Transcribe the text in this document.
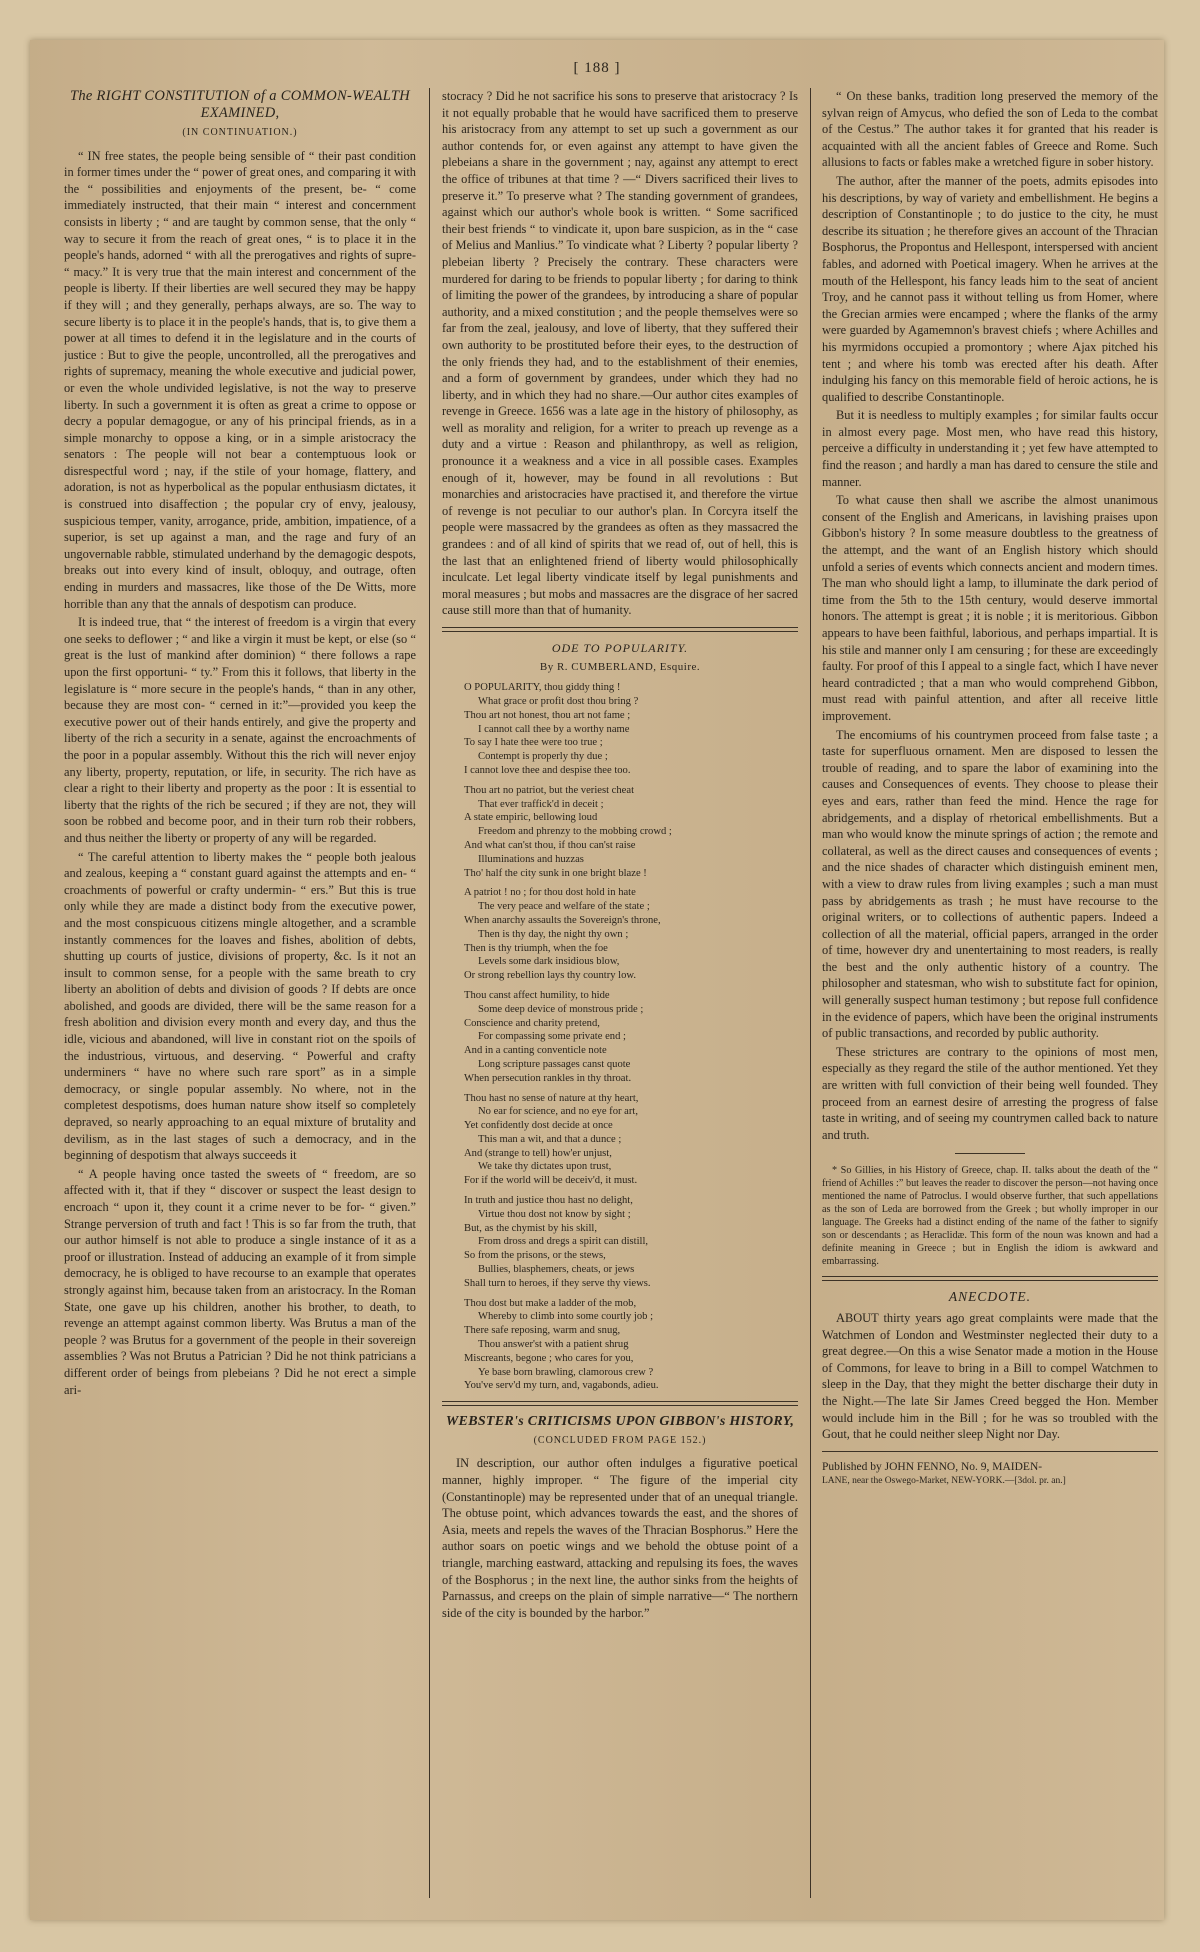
[ 188 ]
The RIGHT CONSTITUTION of a COMMON-WEALTH EXAMINED,
(IN CONTINUATION.)

“ IN free states, the people being sensible of “ their past condition in former times under the “ power of great ones, and comparing it with the “ possibilities and enjoyments of the present, be- “ come immediately instructed, that their main “ interest and concernment consists in liberty ; “ and are taught by common sense, that the only “ way to secure it from the reach of great ones, “ is to place it in the people's hands, adorned “ with all the prerogatives and rights of supre- “ macy.” It is very true that the main interest and concernment of the people is liberty. If their liberties are well secured they may be happy if they will ; and they generally, perhaps always, are so. The way to secure liberty is to place it in the people's hands, that is, to give them a power at all times to defend it in the legislature and in the courts of justice : But to give the people, uncontrolled, all the prerogatives and rights of supremacy, meaning the whole executive and judicial power, or even the whole undivided legislative, is not the way to preserve liberty. In such a government it is often as great a crime to oppose or decry a popular demagogue, or any of his principal friends, as in a simple monarchy to oppose a king, or in a simple aristocracy the senators : The people will not bear a contemptuous look or disrespectful word ; nay, if the stile of your homage, flattery, and adoration, is not as hyperbolical as the popular enthusiasm dictates, it is construed into disaffection ; the popular cry of envy, jealousy, suspicious temper, vanity, arrogance, pride, ambition, impatience, of a superior, is set up against a man, and the rage and fury of an ungovernable rabble, stimulated underhand by the demagogic despots, breaks out into every kind of insult, obloquy, and outrage, often ending in murders and massacres, like those of the De Witts, more horrible than any that the annals of despotism can produce.

It is indeed true, that “ the interest of freedom is a virgin that every one seeks to deflower ; “ and like a virgin it must be kept, or else (so “ great is the lust of mankind after dominion) “ there follows a rape upon the first opportuni- “ ty.” From this it follows, that liberty in the legislature is “ more secure in the people's hands, “ than in any other, because they are most con- “ cerned in it:”—provided you keep the executive power out of their hands entirely, and give the property and liberty of the rich a security in a senate, against the encroachments of the poor in a popular assembly. Without this the rich will never enjoy any liberty, property, reputation, or life, in security. The rich have as clear a right to their liberty and property as the poor : It is essential to liberty that the rights of the rich be secured ; if they are not, they will soon be robbed and become poor, and in their turn rob their robbers, and thus neither the liberty or property of any will be regarded.

“ The careful attention to liberty makes the “ people both jealous and zealous, keeping a “ constant guard against the attempts and en- “ croachments of powerful or crafty undermin- “ ers.” But this is true only while they are made a distinct body from the executive power, and the most conspicuous citizens mingle altogether, and a scramble instantly commences for the loaves and fishes, abolition of debts, shutting up courts of justice, divisions of property, &c. Is it not an insult to common sense, for a people with the same breath to cry liberty an abolition of debts and division of goods ? If debts are once abolished, and goods are divided, there will be the same reason for a fresh abolition and division every month and every day, and thus the idle, vicious and abandoned, will live in constant riot on the spoils of the industrious, virtuous, and deserving. “ Powerful and crafty underminers “ have no where such rare sport” as in a simple democracy, or single popular assembly. No where, not in the completest despotisms, does human nature show itself so completely depraved, so nearly approaching to an equal mixture of brutality and devilism, as in the last stages of such a democracy, and in the beginning of despotism that always succeeds it

“ A people having once tasted the sweets of “ freedom, are so affected with it, that if they “ discover or suspect the least design to encroach “ upon it, they count it a crime never to be for- “ given.” Strange perversion of truth and fact ! This is so far from the truth, that our author himself is not able to produce a single instance of it as a proof or illustration. Instead of adducing an example of it from simple democracy, he is obliged to have recourse to an example that operates strongly against him, because taken from an aristocracy. In the Roman State, one gave up his children, another his brother, to death, to revenge an attempt against common liberty. Was Brutus a man of the people ? was Brutus for a government of the people in their sovereign assemblies ? Was not Brutus a Patrician ? Did he not think patricians a different order of beings from plebeians ? Did he not erect a simple ari-

stocracy ? Did he not sacrifice his sons to preserve that aristocracy ? Is it not equally probable that he would have sacrificed them to preserve his aristocracy from any attempt to set up such a government as our author contends for, or even against any attempt to have given the plebeians a share in the government ; nay, against any attempt to erect the office of tribunes at that time ? —“ Divers sacrificed their lives to preserve it.” To preserve what ? The standing government of grandees, against which our author's whole book is written. “ Some sacrificed their best friends “ to vindicate it, upon bare suspicion, as in the “ case of Melius and Manlius.” To vindicate what ? Liberty ? popular liberty ? plebeian liberty ? Precisely the contrary. These characters were murdered for daring to be friends to popular liberty ; for daring to think of limiting the power of the grandees, by introducing a share of popular authority, and a mixed constitution ; and the people themselves were so far from the zeal, jealousy, and love of liberty, that they suffered their own authority to be prostituted before their eyes, to the destruction of the only friends they had, and to the establishment of their enemies, and a form of government by grandees, under which they had no liberty, and in which they had no share.—Our author cites examples of revenge in Greece. 1656 was a late age in the history of philosophy, as well as morality and religion, for a writer to preach up revenge as a duty and a virtue : Reason and philanthropy, as well as religion, pronounce it a weakness and a vice in all possible cases. Examples enough of it, however, may be found in all revolutions : But monarchies and aristocracies have practised it, and therefore the virtue of revenge is not peculiar to our author's plan. In Corcyra itself the people were massacred by the grandees as often as they massacred the grandees : and of all kind of spirits that we read of, out of hell, this is the last that an enlightened friend of liberty would philosophically inculcate. Let legal liberty vindicate itself by legal punishments and moral measures ; but mobs and massacres are the disgrace of her sacred cause still more than that of humanity.

ODE TO POPULARITY.
By R. CUMBERLAND, Esquire.
O POPULARITY, thou giddy thing !
What grace or profit dost thou bring ?
Thou art not honest, thou art not fame ;
I cannot call thee by a worthy name
To say I hate thee were too true ;
Contempt is properly thy due ;
I cannot love thee and despise thee too.
Thou art no patriot, but the veriest cheat
That ever traffick'd in deceit ;
A state empiric, bellowing loud
Freedom and phrenzy to the mobbing crowd ;
And what can'st thou, if thou can'st raise
Illuminations and huzzas
Tho' half the city sunk in one bright blaze !
A patriot ! no ; for thou dost hold in hate
The very peace and welfare of the state ;
When anarchy assaults the Sovereign's throne,
Then is thy day, the night thy own ;
Then is thy triumph, when the foe
Levels some dark insidious blow,
Or strong rebellion lays thy country low.
Thou canst affect humility, to hide
Some deep device of monstrous pride ;
Conscience and charity pretend,
For compassing some private end ;
And in a canting conventicle note
Long scripture passages canst quote
When persecution rankles in thy throat.
Thou hast no sense of nature at thy heart,
No ear for science, and no eye for art,
Yet confidently dost decide at once
This man a wit, and that a dunce ;
And (strange to tell) how'er unjust,
We take thy dictates upon trust,
For if the world will be deceiv'd, it must.
In truth and justice thou hast no delight,
Virtue thou dost not know by sight ;
But, as the chymist by his skill,
From dross and dregs a spirit can distill,
So from the prisons, or the stews,
Bullies, blasphemers, cheats, or jews
Shall turn to heroes, if they serve thy views.
Thou dost but make a ladder of the mob,
Whereby to climb into some courtly job ;
There safe reposing, warm and snug,
Thou answer'st with a patient shrug
Miscreants, begone ; who cares for you,
Ye base born brawling, clamorous crew ?
You've serv'd my turn, and, vagabonds, adieu.
WEBSTER's CRITICISMS UPON GIBBON's HISTORY,
(CONCLUDED FROM PAGE 152.)

IN description, our author often indulges a figurative poetical manner, highly improper. “ The figure of the imperial city (Constantinople) may be represented under that of an unequal triangle. The obtuse point, which advances towards the east, and the shores of Asia, meets and repels the waves of the Thracian Bosphorus.” Here the author soars on poetic wings and we behold the obtuse point of a triangle, marching eastward, attacking and repulsing its foes, the waves of the Bosphorus ; in the next line, the author sinks from the heights of Parnassus, and creeps on the plain of simple narrative—“ The northern side of the city is bounded by the harbor.”

“ On these banks, tradition long preserved the memory of the sylvan reign of Amycus, who defied the son of Leda to the combat of the Cestus.” The author takes it for granted that his reader is acquainted with all the ancient fables of Greece and Rome. Such allusions to facts or fables make a wretched figure in sober history.

The author, after the manner of the poets, admits episodes into his descriptions, by way of variety and embellishment. He begins a description of Constantinople ; to do justice to the city, he must describe its situation ; he therefore gives an account of the Thracian Bosphorus, the Propontus and Hellespont, interspersed with ancient fables, and adorned with Poetical imagery. When he arrives at the mouth of the Hellespont, his fancy leads him to the seat of ancient Troy, and he cannot pass it without telling us from Homer, where the Grecian armies were encamped ; where the flanks of the army were guarded by Agamemnon's bravest chiefs ; where Achilles and his myrmidons occupied a promontory ; where Ajax pitched his tent ; and where his tomb was erected after his death. After indulging his fancy on this memorable field of heroic actions, he is qualified to describe Constantinople.

But it is needless to multiply examples ; for similar faults occur in almost every page. Most men, who have read this history, perceive a difficulty in understanding it ; yet few have attempted to find the reason ; and hardly a man has dared to censure the stile and manner.

To what cause then shall we ascribe the almost unanimous consent of the English and Americans, in lavishing praises upon Gibbon's history ? In some measure doubtless to the greatness of the attempt, and the want of an English history which should unfold a series of events which connects ancient and modern times. The man who should light a lamp, to illuminate the dark period of time from the 5th to the 15th century, would deserve immortal honors. The attempt is great ; it is noble ; it is meritorious. Gibbon appears to have been faithful, laborious, and perhaps impartial. It is his stile and manner only I am censuring ; for these are exceedingly faulty. For proof of this I appeal to a single fact, which I have never heard contradicted ; that a man who would comprehend Gibbon, must read with painful attention, and after all receive little improvement.

The encomiums of his countrymen proceed from false taste ; a taste for superfluous ornament. Men are disposed to lessen the trouble of reading, and to spare the labor of examining into the causes and Consequences of events. They choose to please their eyes and ears, rather than feed the mind. Hence the rage for abridgements, and a display of rhetorical embellishments. But a man who would know the minute springs of action ; the remote and collateral, as well as the direct causes and consequences of events ; and the nice shades of character which distinguish eminent men, with a view to draw rules from living examples ; such a man must pass by abridgements as trash ; he must have recourse to the original writers, or to collections of authentic papers. Indeed a collection of all the material, official papers, arranged in the order of time, however dry and unentertaining to most readers, is really the best and the only authentic history of a country. The philosopher and statesman, who wish to substitute fact for opinion, will generally suspect human testimony ; but repose full confidence in the evidence of papers, which have been the original instruments of public transactions, and recorded by public authority.

These strictures are contrary to the opinions of most men, especially as they regard the stile of the author mentioned. Yet they are written with full conviction of their being well founded. They proceed from an earnest desire of arresting the progress of false taste in writing, and of seeing my countrymen called back to nature and truth.

* So Gillies, in his History of Greece, chap. II. talks about the death of the “ friend of Achilles :” but leaves the reader to discover the person—not having once mentioned the name of Patroclus. I would observe further, that such appellations as the son of Leda are borrowed from the Greek ; but wholly improper in our language. The Greeks had a distinct ending of the name of the father to signify son or descendants ; as Heraclidæ. This form of the noun was known and had a definite meaning in Greece ; but in English the idiom is awkward and embarrassing.
ANECDOTE.

ABOUT thirty years ago great complaints were made that the Watchmen of London and Westminster neglected their duty to a great degree.—On this a wise Senator made a motion in the House of Commons, for leave to bring in a Bill to compel Watchmen to sleep in the Day, that they might the better discharge their duty in the Night.—The late Sir James Creed begged the Hon. Member would include him in the Bill ; for he was so troubled with the Gout, that he could neither sleep Night nor Day.

Published by JOHN FENNO, No. 9, MAIDEN-
LANE, near the Oswego-Market, NEW-YORK.—[3dol. pr. an.]
